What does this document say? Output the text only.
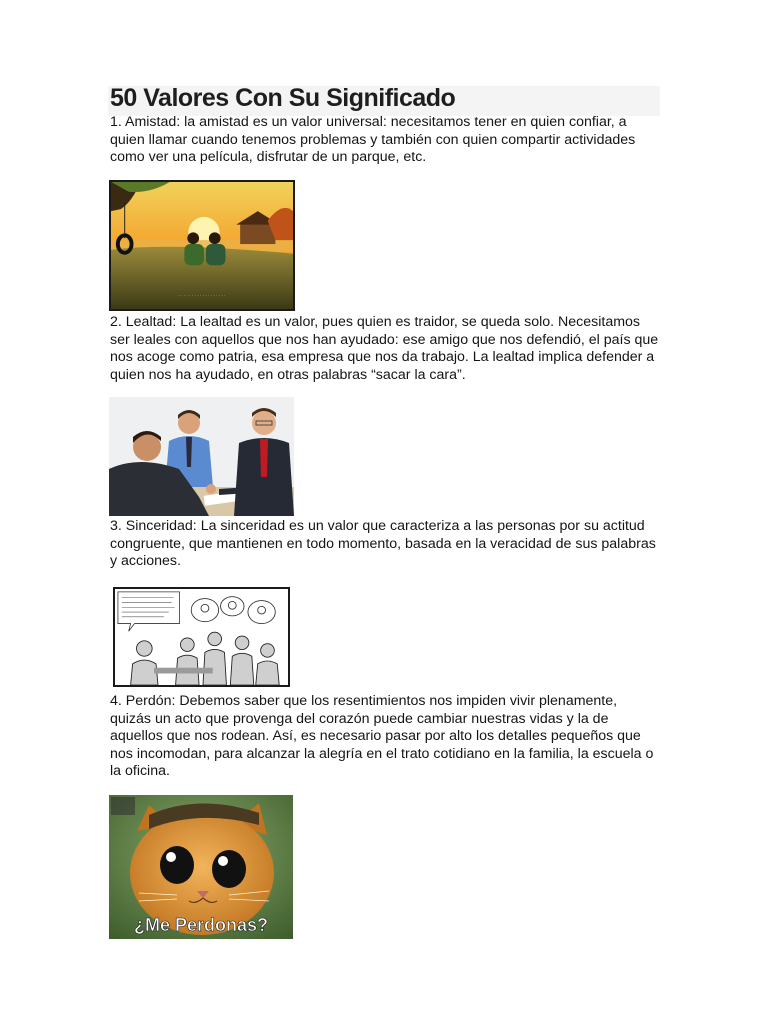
50 Valores Con Su Significado

1. Amistad: la amistad es un valor universal: necesitamos tener en quien confiar, a quien llamar cuando tenemos problemas y también con quien compartir actividades como ver una película, disfrutar de un parque, etc.

· · · · · · · · · · · · · · · · · ·

2. Lealtad: La lealtad es un valor, pues quien es traidor, se queda solo. Necesitamos ser leales con aquellos que nos han ayudado: ese amigo que nos defendió, el país que nos acoge como patria, esa empresa que nos da trabajo. La lealtad implica defender a quien nos ha ayudado, en otras palabras “sacar la cara”.

3. Sinceridad: La sinceridad es un valor que caracteriza a las personas por su actitud congruente, que mantienen en todo momento, basada en la veracidad de sus palabras y acciones.

4. Perdón: Debemos saber que los resentimientos nos impiden vivir plenamente, quizás un acto que provenga del corazón puede cambiar nuestras vidas y la de aquellos que nos rodean. Así, es necesario pasar por alto los detalles pequeños que nos incomodan, para alcanzar la alegría en el trato cotidiano en la familia, la escuela o la oficina.

¿Me Perdonas?
